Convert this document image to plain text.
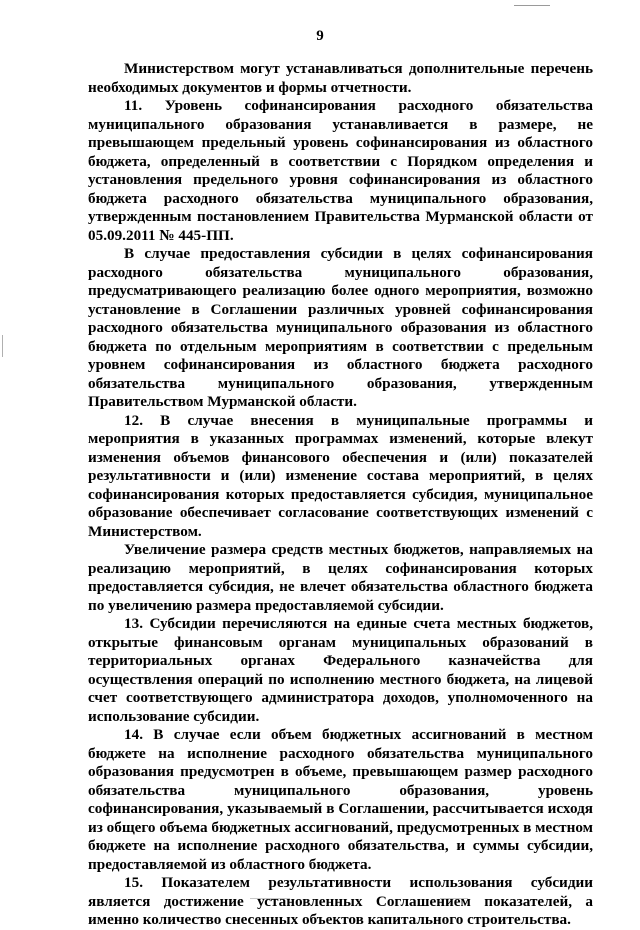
9

Министерством могут устанавливаться дополнительные перечень необходимых документов и формы отчетности.

11. Уровень софинансирования расходного обязательства муниципального образования устанавливается в размере, не превышающем предельный уровень софинансирования из областного бюджета, определенный в соответствии с Порядком определения и установления предельного уровня софинансирования из областного бюджета расходного обязательства муниципального образования, утвержденным постановлением Правительства Мурманской области от 05.09.2011 № 445-ПП.

В случае предоставления субсидии в целях софинансирования расходного обязательства муниципального образования, предусматривающего реализацию более одного мероприятия, возможно установление в Соглашении различных уровней софинансирования расходного обязательства муниципального образования из областного бюджета по отдельным мероприятиям в соответствии с предельным уровнем софинансирования из областного бюджета расходного обязательства муниципального образования, утвержденным Правительством Мурманской области.

12. В случае внесения в муниципальные программы и мероприятия в указанных программах изменений, которые влекут изменения объемов финансового обеспечения и (или) показателей результативности и (или) изменение состава мероприятий, в целях софинансирования которых предоставляется субсидия, муниципальное образование обеспечивает согласование соответствующих изменений с Министерством.

Увеличение размера средств местных бюджетов, направляемых на реализацию мероприятий, в целях софинансирования которых предоставляется субсидия, не влечет обязательства областного бюджета по увеличению размера предоставляемой субсидии.

13. Субсидии перечисляются на единые счета местных бюджетов, открытые финансовым органам муниципальных образований в территориальных органах Федерального казначейства для осуществления операций по исполнению местного бюджета, на лицевой счет соответствующего администратора доходов, уполномоченного на использование субсидии.

14. В случае если объем бюджетных ассигнований в местном бюджете на исполнение расходного обязательства муниципального образования предусмотрен в объеме, превышающем размер расходного обязательства муниципального образования, уровень софинансирования, указываемый в Соглашении, рассчитывается исходя из общего объема бюджетных ассигнований, предусмотренных в местном бюджете на исполнение расходного обязательства, и суммы субсидии, предоставляемой из областного бюджета.

15. Показателем результативности использования субсидии является достижение установленных Соглашением показателей, а именно количество снесенных объектов капитального строительства.
